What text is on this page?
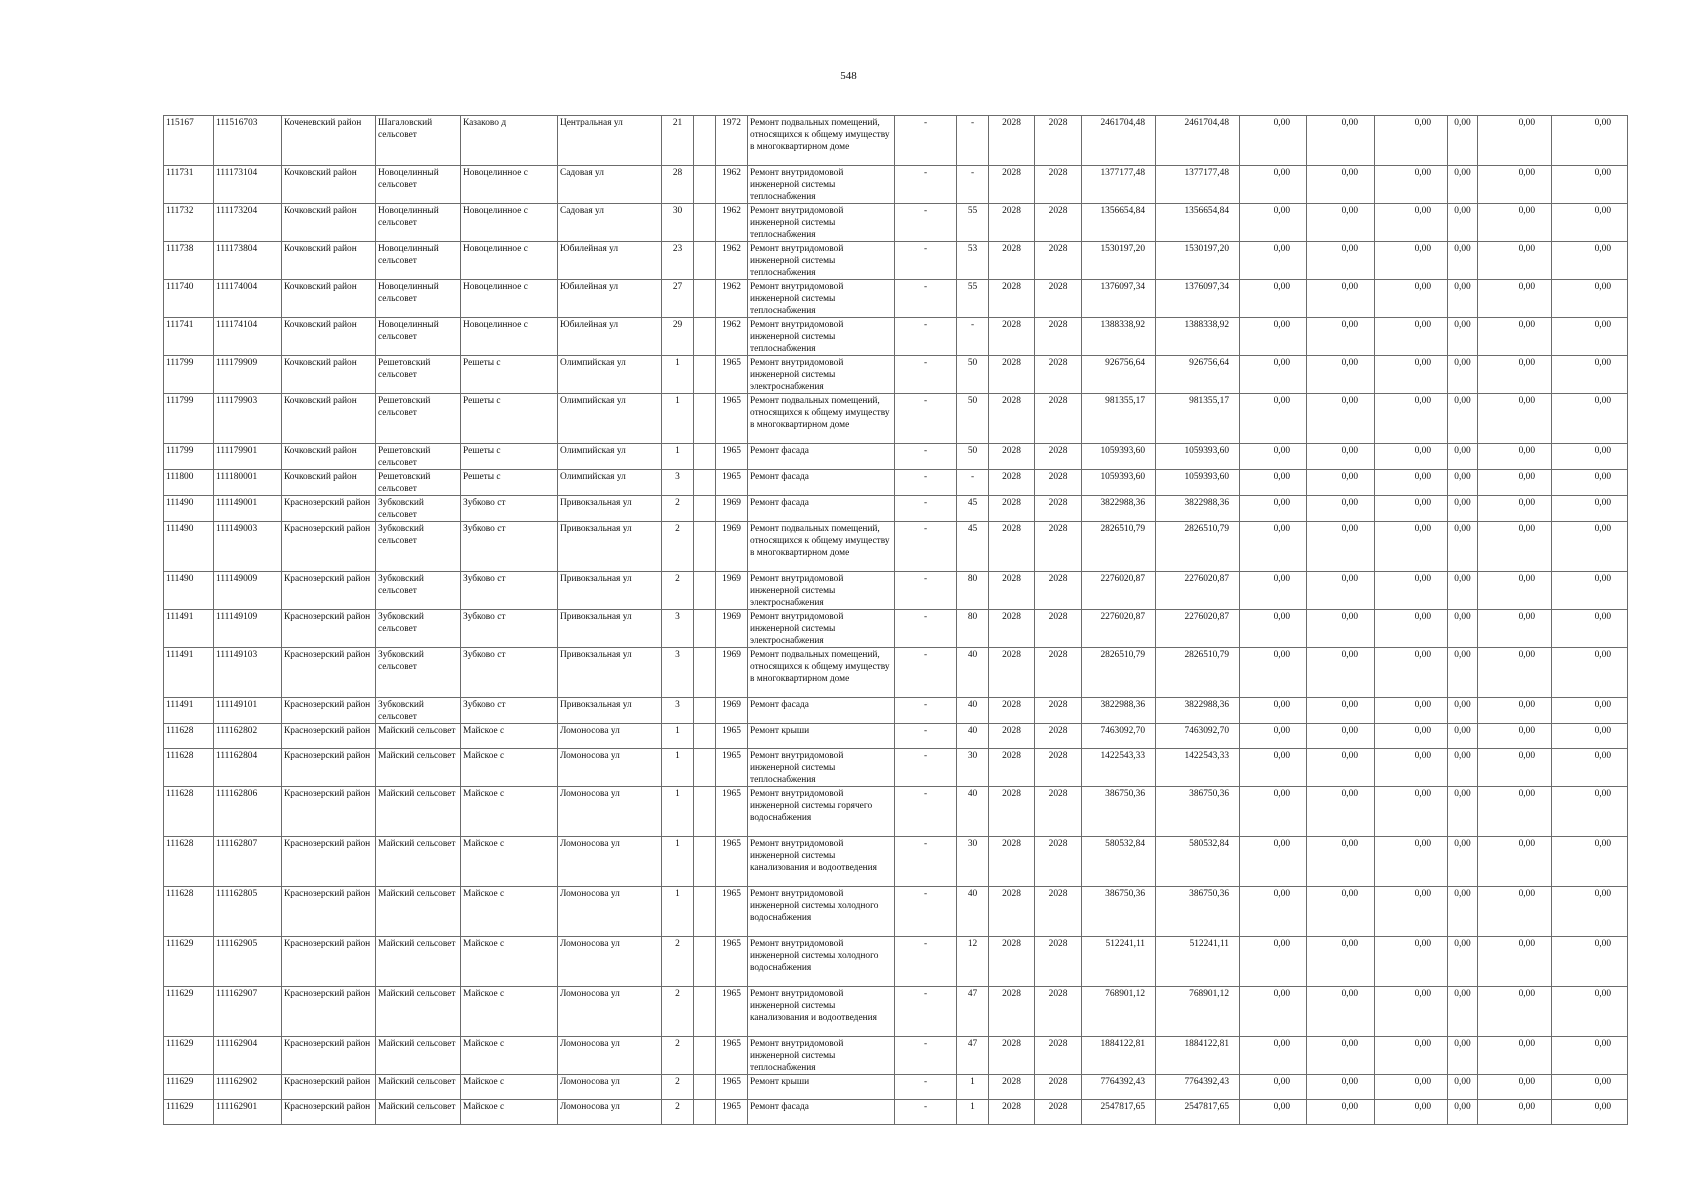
548
115167	111516703	Коченевский район	Шагаловский сельсовет	Казаково д	Центральная ул	21		1972	Ремонт подвальных помещений, относящихся к общему имуществу в многоквартирном доме	-	-	2028	2028	2461704,48	2461704,48	0,00	0,00	0,00	0,00	0,00	0,00
111731	111173104	Кочковский район	Новоцелинный сельсовет	Новоцелинное с	Садовая ул	28		1962	Ремонт внутридомовой инженерной системы теплоснабжения	-	-	2028	2028	1377177,48	1377177,48	0,00	0,00	0,00	0,00	0,00	0,00
111732	111173204	Кочковский район	Новоцелинный сельсовет	Новоцелинное с	Садовая ул	30		1962	Ремонт внутридомовой инженерной системы теплоснабжения	-	55	2028	2028	1356654,84	1356654,84	0,00	0,00	0,00	0,00	0,00	0,00
111738	111173804	Кочковский район	Новоцелинный сельсовет	Новоцелинное с	Юбилейная ул	23		1962	Ремонт внутридомовой инженерной системы теплоснабжения	-	53	2028	2028	1530197,20	1530197,20	0,00	0,00	0,00	0,00	0,00	0,00
111740	111174004	Кочковский район	Новоцелинный сельсовет	Новоцелинное с	Юбилейная ул	27		1962	Ремонт внутридомовой инженерной системы теплоснабжения	-	55	2028	2028	1376097,34	1376097,34	0,00	0,00	0,00	0,00	0,00	0,00
111741	111174104	Кочковский район	Новоцелинный сельсовет	Новоцелинное с	Юбилейная ул	29		1962	Ремонт внутридомовой инженерной системы теплоснабжения	-	-	2028	2028	1388338,92	1388338,92	0,00	0,00	0,00	0,00	0,00	0,00
111799	111179909	Кочковский район	Решетовский сельсовет	Решеты с	Олимпийская ул	1		1965	Ремонт внутридомовой инженерной системы электроснабжения	-	50	2028	2028	926756,64	926756,64	0,00	0,00	0,00	0,00	0,00	0,00
111799	111179903	Кочковский район	Решетовский сельсовет	Решеты с	Олимпийская ул	1		1965	Ремонт подвальных помещений, относящихся к общему имуществу в многоквартирном доме	-	50	2028	2028	981355,17	981355,17	0,00	0,00	0,00	0,00	0,00	0,00
111799	111179901	Кочковский район	Решетовский сельсовет	Решеты с	Олимпийская ул	1		1965	Ремонт фасада	-	50	2028	2028	1059393,60	1059393,60	0,00	0,00	0,00	0,00	0,00	0,00
111800	111180001	Кочковский район	Решетовский сельсовет	Решеты с	Олимпийская ул	3		1965	Ремонт фасада	-	-	2028	2028	1059393,60	1059393,60	0,00	0,00	0,00	0,00	0,00	0,00
111490	111149001	Краснозерский район	Зубковский сельсовет	Зубково ст	Привокзальная ул	2		1969	Ремонт фасада	-	45	2028	2028	3822988,36	3822988,36	0,00	0,00	0,00	0,00	0,00	0,00
111490	111149003	Краснозерский район	Зубковский сельсовет	Зубково ст	Привокзальная ул	2		1969	Ремонт подвальных помещений, относящихся к общему имуществу в многоквартирном доме	-	45	2028	2028	2826510,79	2826510,79	0,00	0,00	0,00	0,00	0,00	0,00
111490	111149009	Краснозерский район	Зубковский сельсовет	Зубково ст	Привокзальная ул	2		1969	Ремонт внутридомовой инженерной системы электроснабжения	-	80	2028	2028	2276020,87	2276020,87	0,00	0,00	0,00	0,00	0,00	0,00
111491	111149109	Краснозерский район	Зубковский сельсовет	Зубково ст	Привокзальная ул	3		1969	Ремонт внутридомовой инженерной системы электроснабжения	-	80	2028	2028	2276020,87	2276020,87	0,00	0,00	0,00	0,00	0,00	0,00
111491	111149103	Краснозерский район	Зубковский сельсовет	Зубково ст	Привокзальная ул	3		1969	Ремонт подвальных помещений, относящихся к общему имуществу в многоквартирном доме	-	40	2028	2028	2826510,79	2826510,79	0,00	0,00	0,00	0,00	0,00	0,00
111491	111149101	Краснозерский район	Зубковский сельсовет	Зубково ст	Привокзальная ул	3		1969	Ремонт фасада	-	40	2028	2028	3822988,36	3822988,36	0,00	0,00	0,00	0,00	0,00	0,00
111628	111162802	Краснозерский район	Майский сельсовет	Майское с	Ломоносова ул	1		1965	Ремонт крыши	-	40	2028	2028	7463092,70	7463092,70	0,00	0,00	0,00	0,00	0,00	0,00
111628	111162804	Краснозерский район	Майский сельсовет	Майское с	Ломоносова ул	1		1965	Ремонт внутридомовой инженерной системы теплоснабжения	-	30	2028	2028	1422543,33	1422543,33	0,00	0,00	0,00	0,00	0,00	0,00
111628	111162806	Краснозерский район	Майский сельсовет	Майское с	Ломоносова ул	1		1965	Ремонт внутридомовой инженерной системы горячего водоснабжения	-	40	2028	2028	386750,36	386750,36	0,00	0,00	0,00	0,00	0,00	0,00
111628	111162807	Краснозерский район	Майский сельсовет	Майское с	Ломоносова ул	1		1965	Ремонт внутридомовой инженерной системы канализования и водоотведения	-	30	2028	2028	580532,84	580532,84	0,00	0,00	0,00	0,00	0,00	0,00
111628	111162805	Краснозерский район	Майский сельсовет	Майское с	Ломоносова ул	1		1965	Ремонт внутридомовой инженерной системы холодного водоснабжения	-	40	2028	2028	386750,36	386750,36	0,00	0,00	0,00	0,00	0,00	0,00
111629	111162905	Краснозерский район	Майский сельсовет	Майское с	Ломоносова ул	2		1965	Ремонт внутридомовой инженерной системы холодного водоснабжения	-	12	2028	2028	512241,11	512241,11	0,00	0,00	0,00	0,00	0,00	0,00
111629	111162907	Краснозерский район	Майский сельсовет	Майское с	Ломоносова ул	2		1965	Ремонт внутридомовой инженерной системы канализования и водоотведения	-	47	2028	2028	768901,12	768901,12	0,00	0,00	0,00	0,00	0,00	0,00
111629	111162904	Краснозерский район	Майский сельсовет	Майское с	Ломоносова ул	2		1965	Ремонт внутридомовой инженерной системы теплоснабжения	-	47	2028	2028	1884122,81	1884122,81	0,00	0,00	0,00	0,00	0,00	0,00
111629	111162902	Краснозерский район	Майский сельсовет	Майское с	Ломоносова ул	2		1965	Ремонт крыши	-	1	2028	2028	7764392,43	7764392,43	0,00	0,00	0,00	0,00	0,00	0,00
111629	111162901	Краснозерский район	Майский сельсовет	Майское с	Ломоносова ул	2		1965	Ремонт фасада	-	1	2028	2028	2547817,65	2547817,65	0,00	0,00	0,00	0,00	0,00	0,00
